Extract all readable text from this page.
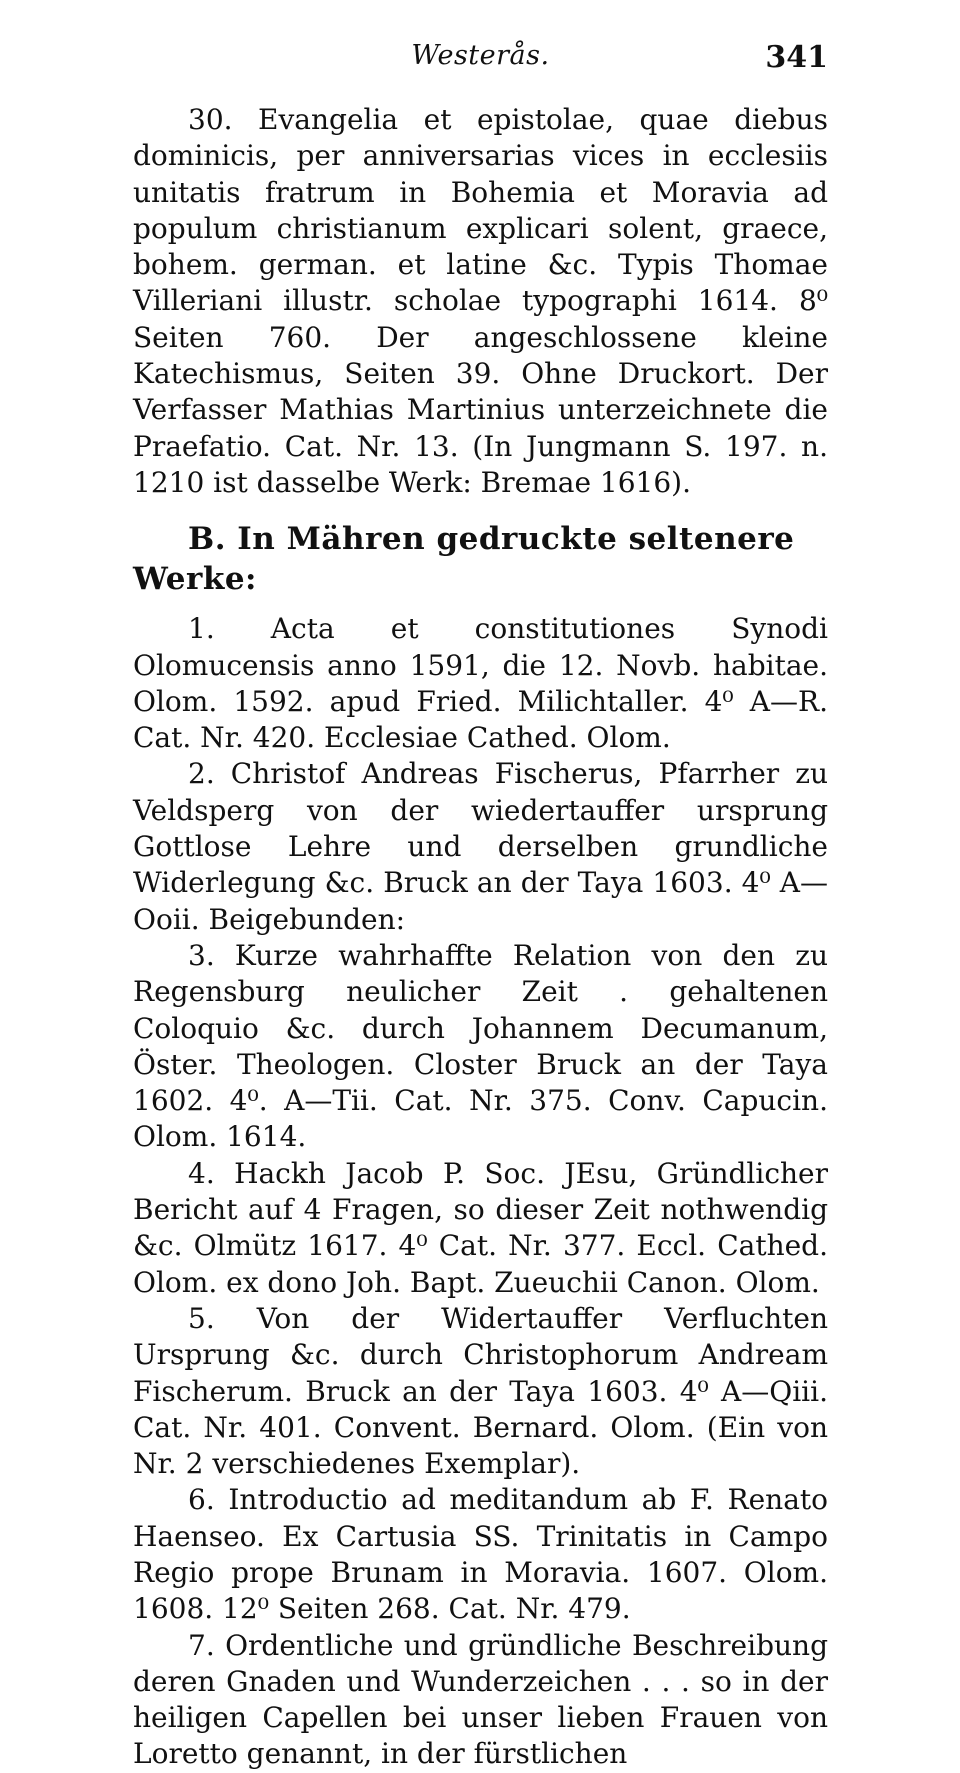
Westerås.	341

30. Evangelia et epistolae, quae diebus dominicis, per anniversarias vices in ecclesiis unitatis fratrum in Bohemia et Moravia ad populum christianum explicari solent, graece, bohem. german. et latine &c. Typis Thomae Villeriani illustr. scholae typographi 1614. 8⁰ Seiten 760. Der angeschlossene kleine Katechismus, Seiten 39. Ohne Druckort. Der Verfasser Mathias Martinius unterzeichnete die Praefatio. Cat. Nr. 13. (In Jungmann S. 197. n. 1210 ist dasselbe Werk: Bremae 1616).

B. In Mähren gedruckte seltenere Werke:

1. Acta et constitutiones Synodi Olomucensis anno 1591, die 12. Novb. habitae. Olom. 1592. apud Fried. Milichtaller. 4⁰ A—R. Cat. Nr. 420. Ecclesiae Cathed. Olom.

2. Christof Andreas Fischerus, Pfarrher zu Veldsperg von der wiedertauffer ursprung Gottlose Lehre und derselben grundliche Widerlegung &c. Bruck an der Taya 1603. 4⁰ A— Ooii. Beigebunden:

3. Kurze wahrhaffte Relation von den zu Regensburg neulicher Zeit . gehaltenen Coloquio &c. durch Johannem Decumanum, Öster. Theologen. Closter Bruck an der Taya 1602. 4⁰. A—Tii. Cat. Nr. 375. Conv. Capucin. Olom. 1614.

4. Hackh Jacob P. Soc. JEsu, Gründlicher Bericht auf 4 Fragen, so dieser Zeit nothwendig &c. Olmütz 1617. 4⁰ Cat. Nr. 377. Eccl. Cathed. Olom. ex dono Joh. Bapt. Zueuchii Canon. Olom.

5. Von der Widertauffer Verfluchten Ursprung &c. durch Christophorum Andream Fischerum. Bruck an der Taya 1603. 4⁰ A—Qiii. Cat. Nr. 401. Convent. Bernard. Olom. (Ein von Nr. 2 verschiedenes Exemplar).

6. Introductio ad meditandum ab F. Renato Haenseo. Ex Cartusia SS. Trinitatis in Campo Regio prope Brunam in Moravia. 1607. Olom. 1608. 12⁰ Seiten 268. Cat. Nr. 479.

7. Ordentliche und gründliche Beschreibung deren Gnaden und Wunderzeichen . . . so in der heiligen Capellen bei unser lieben Frauen von Loretto genannt, in der fürstlichen
